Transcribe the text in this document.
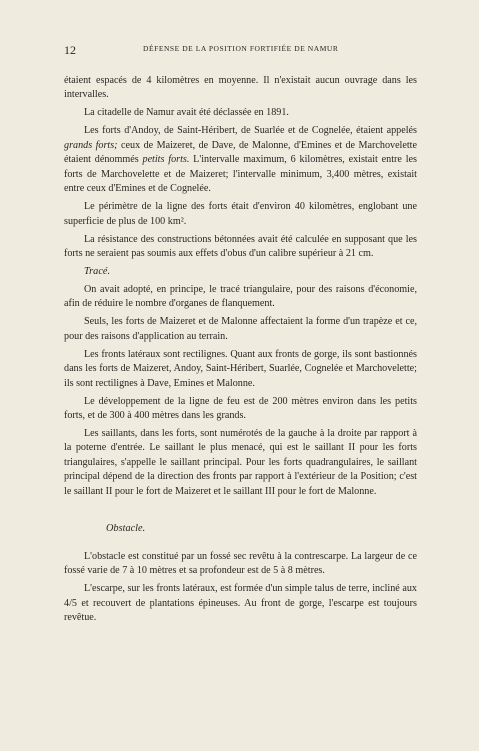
12	DÉFENSE DE LA POSITION FORTIFIÉE DE NAMUR

étaient espacés de 4 kilomètres en moyenne. Il n'existait aucun ouvrage dans les intervalles.

La citadelle de Namur avait été déclassée en 1891.

Les forts d'Andoy, de Saint-Héribert, de Suarlée et de Cognelée, étaient appelés grands forts; ceux de Maizeret, de Dave, de Malonne, d'Emines et de Marchovelette étaient dénommés petits forts. L'intervalle maximum, 6 kilomètres, existait entre les forts de Marchovelette et de Maizeret; l'intervalle minimum, 3,400 mètres, existait entre ceux d'Emines et de Cognelée.

Le périmètre de la ligne des forts était d'environ 40 kilomètres, englobant une superficie de plus de 100 km².

La résistance des constructions bétonnées avait été calculée en supposant que les forts ne seraient pas soumis aux effets d'obus d'un calibre supérieur à 21 cm.

Tracé.

On avait adopté, en principe, le tracé triangulaire, pour des raisons d'économie, afin de réduire le nombre d'organes de flanquement.

Seuls, les forts de Maizeret et de Malonne affectaient la forme d'un trapèze et ce, pour des raisons d'application au terrain.

Les fronts latéraux sont rectilignes. Quant aux fronts de gorge, ils sont bastionnés dans les forts de Maizeret, Andoy, Saint-Héribert, Suarlée, Cognelée et Marchovelette; ils sont rectilignes à Dave, Emines et Malonne.

Le développement de la ligne de feu est de 200 mètres environ dans les petits forts, et de 300 à 400 mètres dans les grands.

Les saillants, dans les forts, sont numérotés de la gauche à la droite par rapport à la poterne d'entrée. Le saillant le plus menacé, qui est le saillant II pour les forts triangulaires, s'appelle le saillant principal. Pour les forts quadrangulaires, le saillant principal dépend de la direction des fronts par rapport à l'extérieur de la Position; c'est le saillant II pour le fort de Maizeret et le saillant III pour le fort de Malonne.

Obstacle.

L'obstacle est constitué par un fossé sec revêtu à la contrescarpe. La largeur de ce fossé varie de 7 à 10 mètres et sa profondeur est de 5 à 8 mètres.

L'escarpe, sur les fronts latéraux, est formée d'un simple talus de terre, incliné aux 4/5 et recouvert de plantations épineuses. Au front de gorge, l'escarpe est toujours revêtue.
